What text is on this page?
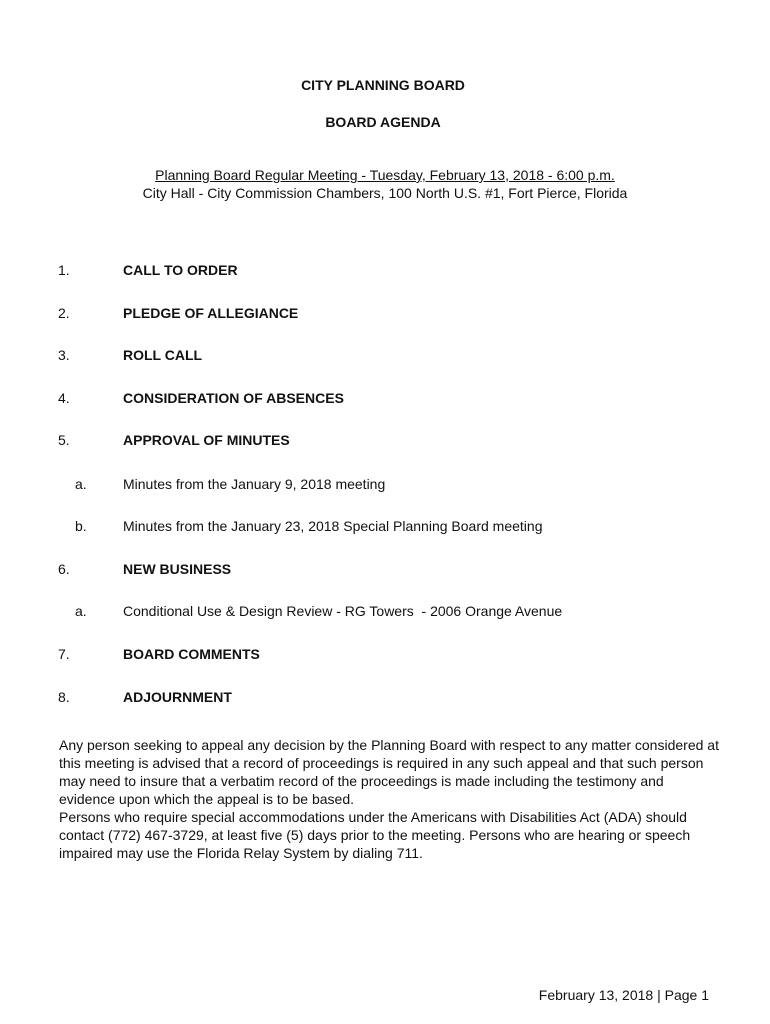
CITY PLANNING BOARD
BOARD AGENDA
Planning Board Regular Meeting - Tuesday, February 13, 2018 - 6:00 p.m.
City Hall - City Commission Chambers, 100 North U.S. #1, Fort Pierce, Florida
1.	CALL TO ORDER
2.	PLEDGE OF ALLEGIANCE
3.	ROLL CALL
4.	CONSIDERATION OF ABSENCES
5.	APPROVAL OF MINUTES
a.	Minutes from the January 9, 2018 meeting
b.	Minutes from the January 23, 2018 Special Planning Board meeting
6.	NEW BUSINESS
a.	Conditional Use & Design Review - RG Towers  - 2006 Orange Avenue
7.	BOARD COMMENTS
8.	ADJOURNMENT

Any person seeking to appeal any decision by the Planning Board with respect to any matter considered at this meeting is advised that a record of proceedings is required in any such appeal and that such person may need to insure that a verbatim record of the proceedings is made including the testimony and evidence upon which the appeal is to be based.

Persons who require special accommodations under the Americans with Disabilities Act (ADA) should contact (772) 467-3729, at least five (5) days prior to the meeting. Persons who are hearing or speech impaired may use the Florida Relay System by dialing 711.

February 13, 2018 | Page 1
